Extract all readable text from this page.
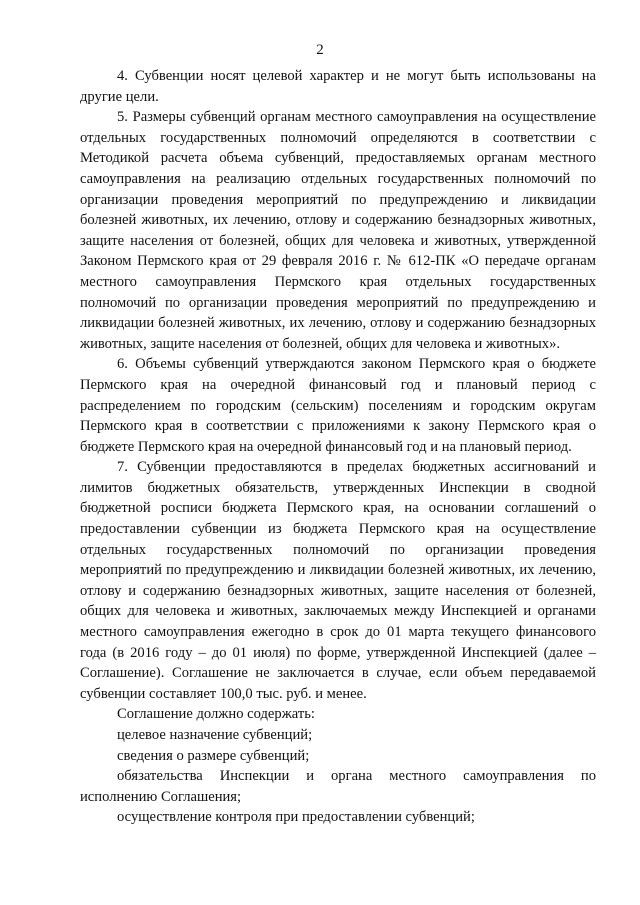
2

4. Субвенции носят целевой характер и не могут быть использованы на другие цели.

5. Размеры субвенций органам местного самоуправления на осуществление отдельных государственных полномочий определяются в соответствии с Методикой расчета объема субвенций, предоставляемых органам местного самоуправления на реализацию отдельных государственных полномочий по организации проведения мероприятий по предупреждению и ликвидации болезней животных, их лечению, отлову и содержанию безнадзорных животных, защите населения от болезней, общих для человека и животных, утвержденной Законом Пермского края от 29 февраля 2016 г. № 612-ПК «О передаче органам местного самоуправления Пермского края отдельных государственных полномочий по организации проведения мероприятий по предупреждению и ликвидации болезней животных, их лечению, отлову и содержанию безнадзорных животных, защите населения от болезней, общих для человека и животных».

6. Объемы субвенций утверждаются законом Пермского края о бюджете Пермского края на очередной финансовый год и плановый период с распределением по городским (сельским) поселениям и городским округам Пермского края в соответствии с приложениями к закону Пермского края о бюджете Пермского края на очередной финансовый год и на плановый период.

7. Субвенции предоставляются в пределах бюджетных ассигнований и лимитов бюджетных обязательств, утвержденных Инспекции в сводной бюджетной росписи бюджета Пермского края, на основании соглашений о предоставлении субвенции из бюджета Пермского края на осуществление отдельных государственных полномочий по организации проведения мероприятий по предупреждению и ликвидации болезней животных, их лечению, отлову и содержанию безнадзорных животных, защите населения от болезней, общих для человека и животных, заключаемых между Инспекцией и органами местного самоуправления ежегодно в срок до 01 марта текущего финансового года (в 2016 году – до 01 июля) по форме, утвержденной Инспекцией (далее – Соглашение). Соглашение не заключается в случае, если объем передаваемой субвенции составляет 100,0 тыс. руб. и менее.

Соглашение должно содержать:

целевое назначение субвенций;

сведения о размере субвенций;

обязательства Инспекции и органа местного самоуправления по исполнению Соглашения;

осуществление контроля при предоставлении субвенций;
